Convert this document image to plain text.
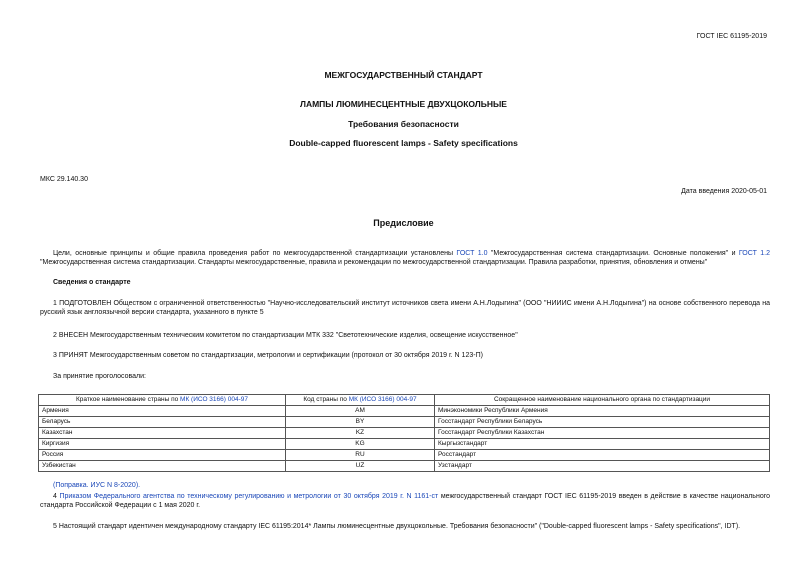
ГОСТ IEC 61195-2019
МЕЖГОСУДАРСТВЕННЫЙ СТАНДАРТ
ЛАМПЫ ЛЮМИНЕСЦЕНТНЫЕ ДВУХЦОКОЛЬНЫЕ
Требования безопасности
Double-capped fluorescent lamps - Safety specifications
МКС 29.140.30
Дата введения 2020-05-01
Предисловие
Цели, основные принципы и общие правила проведения работ по межгосударственной стандартизации установлены ГОСТ 1.0 "Межгосударственная система стандартизации. Основные положения" и ГОСТ 1.2 "Межгосударственная система стандартизации. Стандарты межгосударственные, правила и рекомендации по межгосударственной стандартизации. Правила разработки, принятия, обновления и отмены"
Сведения о стандарте
1 ПОДГОТОВЛЕН Обществом с ограниченной ответственностью "Научно-исследовательский институт источников света имени А.Н.Лодыгина" (ООО "НИИИС имени А.Н.Лодыгина") на основе собственного перевода на русский язык англоязычной версии стандарта, указанного в пункте 5
2 ВНЕСЕН Межгосударственным техническим комитетом по стандартизации МТК 332 "Светотехнические изделия, освещение искусственное"
3 ПРИНЯТ Межгосударственным советом по стандартизации, метрологии и сертификации (протокол от 30 октября 2019 г. N 123-П)
За принятие проголосовали:
Краткое наименование страны по МК (ИСО 3166) 004-97	Код страны по МК (ИСО 3166) 004-97	Сокращенное наименование национального органа по стандартизации
Армения	AM	Минэкономики Республики Армения
Беларусь	BY	Госстандарт Республики Беларусь
Казахстан	KZ	Госстандарт Республики Казахстан
Киргизия	KG	Кыргызстандарт
Россия	RU	Росстандарт
Узбекистан	UZ	Узстандарт
(Поправка. ИУС N 8-2020).
4 Приказом Федерального агентства по техническому регулированию и метрологии от 30 октября 2019 г. N 1161-ст межгосударственный стандарт ГОСТ IEC 61195-2019 введен в действие в качестве национального стандарта Российской Федерации с 1 мая 2020 г.
5 Настоящий стандарт идентичен международному стандарту IEC 61195:2014* Лампы люминесцентные двухцокольные. Требования безопасности" ("Double-capped fluorescent lamps - Safety specifications", IDT).
